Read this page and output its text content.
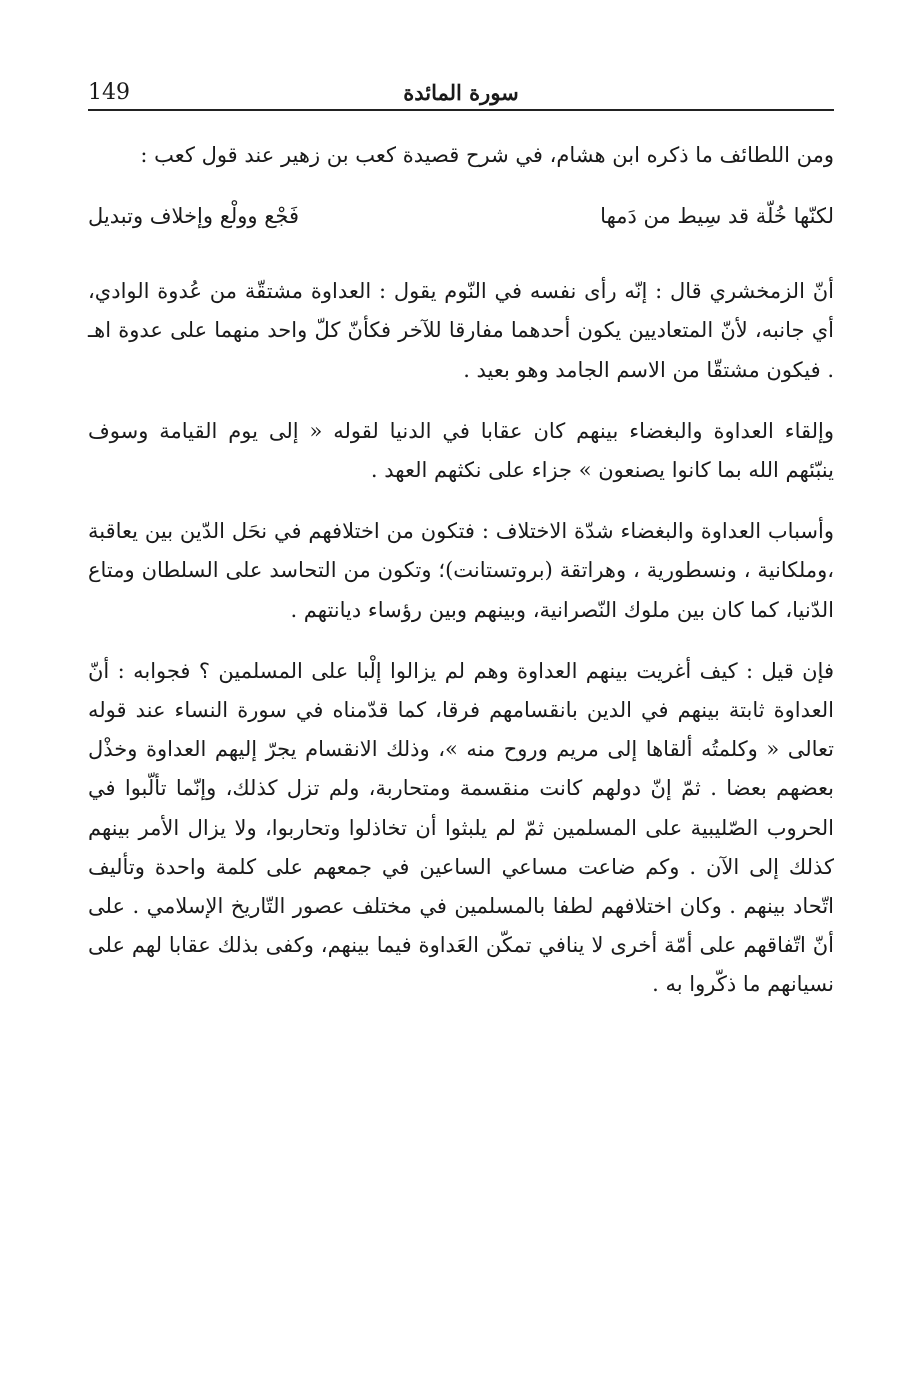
149	سورة المائدة

ومن اللطائف ما ذكره ابن هشام، في شرح قصيدة كعب بن زهير عند قول كعب :

لكنّها خُلّة قد سِيط من دَمها
فَجْع وولْع وإخلاف وتبديل

أنّ الزمخشري قال : إنّه رأى نفسه في النّوم يقول : العداوة مشتقّة من عُدوة الوادي، أي جانبه، لأنّ المتعاديين يكون أحدهما مفارقا للآخر فكأنّ كلّ واحد منهما على عدوة اهـ . فيكون مشتقّا من الاسم الجامد وهو بعيد .

وإلقاء العداوة والبغضاء بينهم كان عقابا في الدنيا لقوله « إلى يوم القيامة وسوف ينبّئهم الله بما كانوا يصنعون » جزاء على نكثهم العهد .

وأسباب العداوة والبغضاء شدّة الاختلاف : فتكون من اختلافهم في نحَل الدّين بين يعاقبة ،وملكانية ، ونسطورية ، وهراتقة (بروتستانت)؛ وتكون من التحاسد على السلطان ومتاع الدّنيا، كما كان بين ملوك النّصرانية، وبينهم وبين رؤساء ديانتهم .

فإن قيل : كيف أغريت بينهم العداوة وهم لم يزالوا إلْبا على المسلمين ؟ فجوابه : أنّ العداوة ثابتة بينهم في الدين بانقسامهم فرقا، كما قدّمناه في سورة النساء عند قوله تعالى « وكلمتُه ألقاها إلى مريم وروح منه »، وذلك الانقسام يجرّ إليهم العداوة وخذْل بعضهم بعضا . ثمّ إنّ دولهم كانت منقسمة ومتحاربة، ولم تزل كذلك، وإنّما تألّبوا في الحروب الصّليبية على المسلمين ثمّ لم يلبثوا أن تخاذلوا وتحاربوا، ولا يزال الأمر بينهم كذلك إلى الآن . وكم ضاعت مساعي الساعين في جمعهم على كلمة واحدة وتأليف اتّحاد بينهم . وكان اختلافهم لطفا بالمسلمين في مختلف عصور التّاريخ الإسلامي . على أنّ اتّفاقهم على أمّة أخرى لا ينافي تمكّن العَداوة فيما بينهم، وكفى بذلك عقابا لهم على نسيانهم ما ذكّروا به .
